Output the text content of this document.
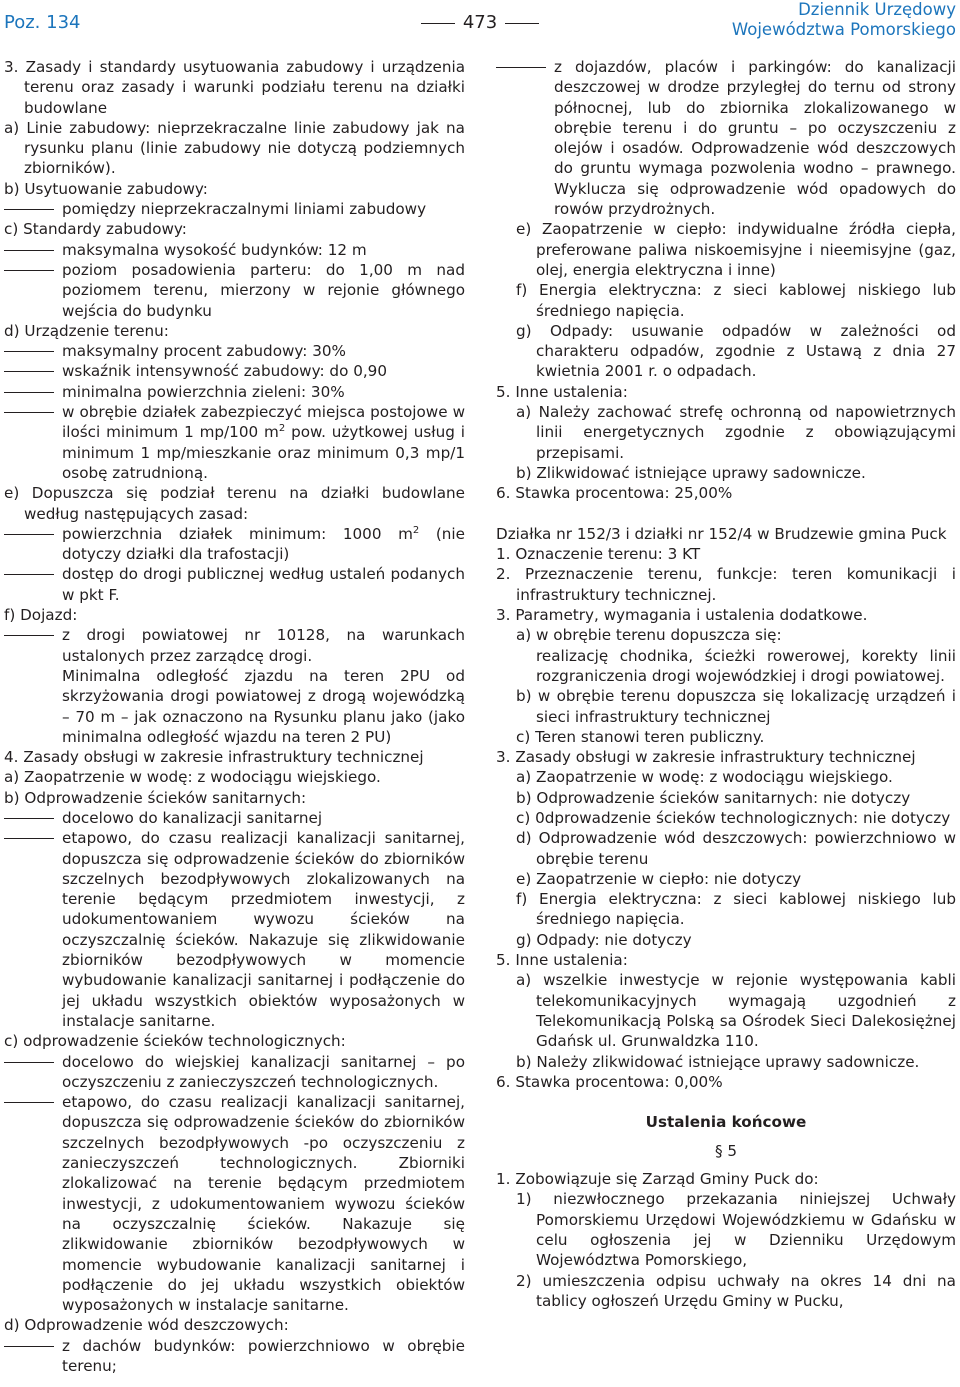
Poz. 134	473
Dziennik Urzędowy
Województwa Pomorskiego

3. Zasady i standardy usytuowania zabudowy i urządzenia terenu oraz zasady i warunki podziału terenu na działki budowlane

a) Linie zabudowy: nieprzekraczalne linie zabudowy jak na rysunku planu (linie zabudowy nie dotyczą podziemnych zbiorników).

b) Usytuowanie zabudowy:

pomiędzy nieprzekraczalnymi liniami zabudowy

c) Standardy zabudowy:

maksymalna wysokość budynków: 12 m

poziom posadowienia parteru: do 1,00 m nad poziomem terenu, mierzony w rejonie głównego wejścia do budynku

d) Urządzenie terenu:

maksymalny procent zabudowy: 30%

wskaźnik intensywność zabudowy: do 0,90

minimalna powierzchnia zieleni: 30%

w obrębie działek zabezpieczyć miejsca postojowe w ilości minimum 1 mp/100 $m^2$ pow. użytkowej usług i minimum 1 mp/mieszkanie oraz minimum 0,3 mp/1 osobę zatrudnioną.

e) Dopuszcza się podział terenu na działki budowlane według następujących zasad:

powierzchnia działek minimum: 1000 $m^2$ (nie dotyczy działki dla trafostacji)

dostęp do drogi publicznej według ustaleń podanych w pkt F.

f) Dojazd:

z drogi powiatowej nr 10128, na warunkach ustalonych przez zarządcę drogi.

Minimalna odległość zjazdu na teren 2PU od skrzyżowania drogi powiatowej z drogą wojewódzką – 70 m – jak oznaczono na Rysunku planu jako (jako minimalna odległość wjazdu na teren 2 PU)

4. Zasady obsługi w zakresie infrastruktury technicznej

a) Zaopatrzenie w wodę: z wodociągu wiejskiego.

b) Odprowadzenie ścieków sanitarnych:

docelowo do kanalizacji sanitarnej

etapowo, do czasu realizacji kanalizacji sanitarnej, dopuszcza się odprowadzenie ścieków do zbiorników szczelnych bezodpływowych zlokalizowanych na terenie będącym przedmiotem inwestycji, z udokumentowaniem wywozu ścieków na oczyszczalnię ścieków. Nakazuje się zlikwidowanie zbiorników bezodpływowych w momencie wybudowanie kanalizacji sanitarnej i podłączenie do jej układu wszystkich obiektów wyposażonych w instalacje sanitarne.

c) odprowadzenie ścieków technologicznych:

docelowo do wiejskiej kanalizacji sanitarnej – po oczyszczeniu z zanieczyszczeń technologicznych.

etapowo, do czasu realizacji kanalizacji sanitarnej, dopuszcza się odprowadzenie ścieków do zbiorników szczelnych bezodpływowych -po oczyszczeniu z zanieczyszczeń technologicznych. Zbiorniki zlokalizować na terenie będącym przedmiotem inwestycji, z udokumentowaniem wywozu ścieków na oczyszczalnię ścieków. Nakazuje się zlikwidowanie zbiorników bezodpływowych w momencie wybudowanie kanalizacji sanitarnej i podłączenie do jej układu wszystkich obiektów wyposażonych w instalacje sanitarne.

d) Odprowadzenie wód deszczowych:

z dachów budynków: powierzchniowo w obrębie terenu;

z dojazdów, placów i parkingów: do kanalizacji deszczowej w drodze przyległej do ternu od strony północnej, lub do zbiornika zlokalizowanego w obrębie terenu i do gruntu – po oczyszczeniu z olejów i osadów. Odprowadzenie wód deszczowych do gruntu wymaga pozwolenia wodno – prawnego. Wyklucza się odprowadzenie wód opadowych do rowów przydrożnych.

e) Zaopatrzenie w ciepło: indywidualne źródła ciepła, preferowane paliwa niskoemisyjne i nieemisyjne (gaz, olej, energia elektryczna i inne)

f) Energia elektryczna: z sieci kablowej niskiego lub średniego napięcia.

g) Odpady: usuwanie odpadów w zależności od charakteru odpadów, zgodnie z Ustawą z dnia 27 kwietnia 2001 r. o odpadach.

5. Inne ustalenia:

a) Należy zachować strefę ochronną od napowietrznych linii energetycznych zgodnie z obowiązującymi przepisami.

b) Zlikwidować istniejące uprawy sadownicze.

6. Stawka procentowa: 25,00%

Działka nr 152/3 i działki nr 152/4 w Brudzewie gmina Puck

1. Oznaczenie terenu: 3 KT

2. Przeznaczenie terenu, funkcje: teren komunikacji i infrastruktury technicznej.

3. Parametry, wymagania i ustalenia dodatkowe.

a) w obrębie terenu dopuszcza się:

realizację chodnika, ścieżki rowerowej, korekty linii rozgraniczenia drogi wojewódzkiej i drogi powiatowej.

b) w obrębie terenu dopuszcza się lokalizację urządzeń i sieci infrastruktury technicznej

c) Teren stanowi teren publiczny.

3. Zasady obsługi w zakresie infrastruktury technicznej

a) Zaopatrzenie w wodę: z wodociągu wiejskiego.

b) Odprowadzenie ścieków sanitarnych: nie dotyczy

c) 0dprowadzenie ścieków technologicznych: nie dotyczy

d) Odprowadzenie wód deszczowych: powierzchniowo w obrębie terenu

e) Zaopatrzenie w ciepło: nie dotyczy

f) Energia elektryczna: z sieci kablowej niskiego lub średniego napięcia.

g) Odpady: nie dotyczy

5. Inne ustalenia:

a) wszelkie inwestycje w rejonie występowania kabli telekomunikacyjnych wymagają uzgodnień z Telekomunikacją Polską sa Ośrodek Sieci Dalekosiężnej Gdańsk ul. Grunwaldzka 110.

b) Należy zlikwidować istniejące uprawy sadownicze.

6. Stawka procentowa: 0,00%

Ustalenia końcowe

§ 5

1. Zobowiązuje się Zarząd Gminy Puck do:

1) niezwłocznego przekazania niniejszej Uchwały Pomorskiemu Urzędowi Wojewódzkiemu w Gdańsku w celu ogłoszenia jej w Dzienniku Urzędowym Województwa Pomorskiego,

2) umieszczenia odpisu uchwały na okres 14 dni na tablicy ogłoszeń Urzędu Gminy w Pucku,
